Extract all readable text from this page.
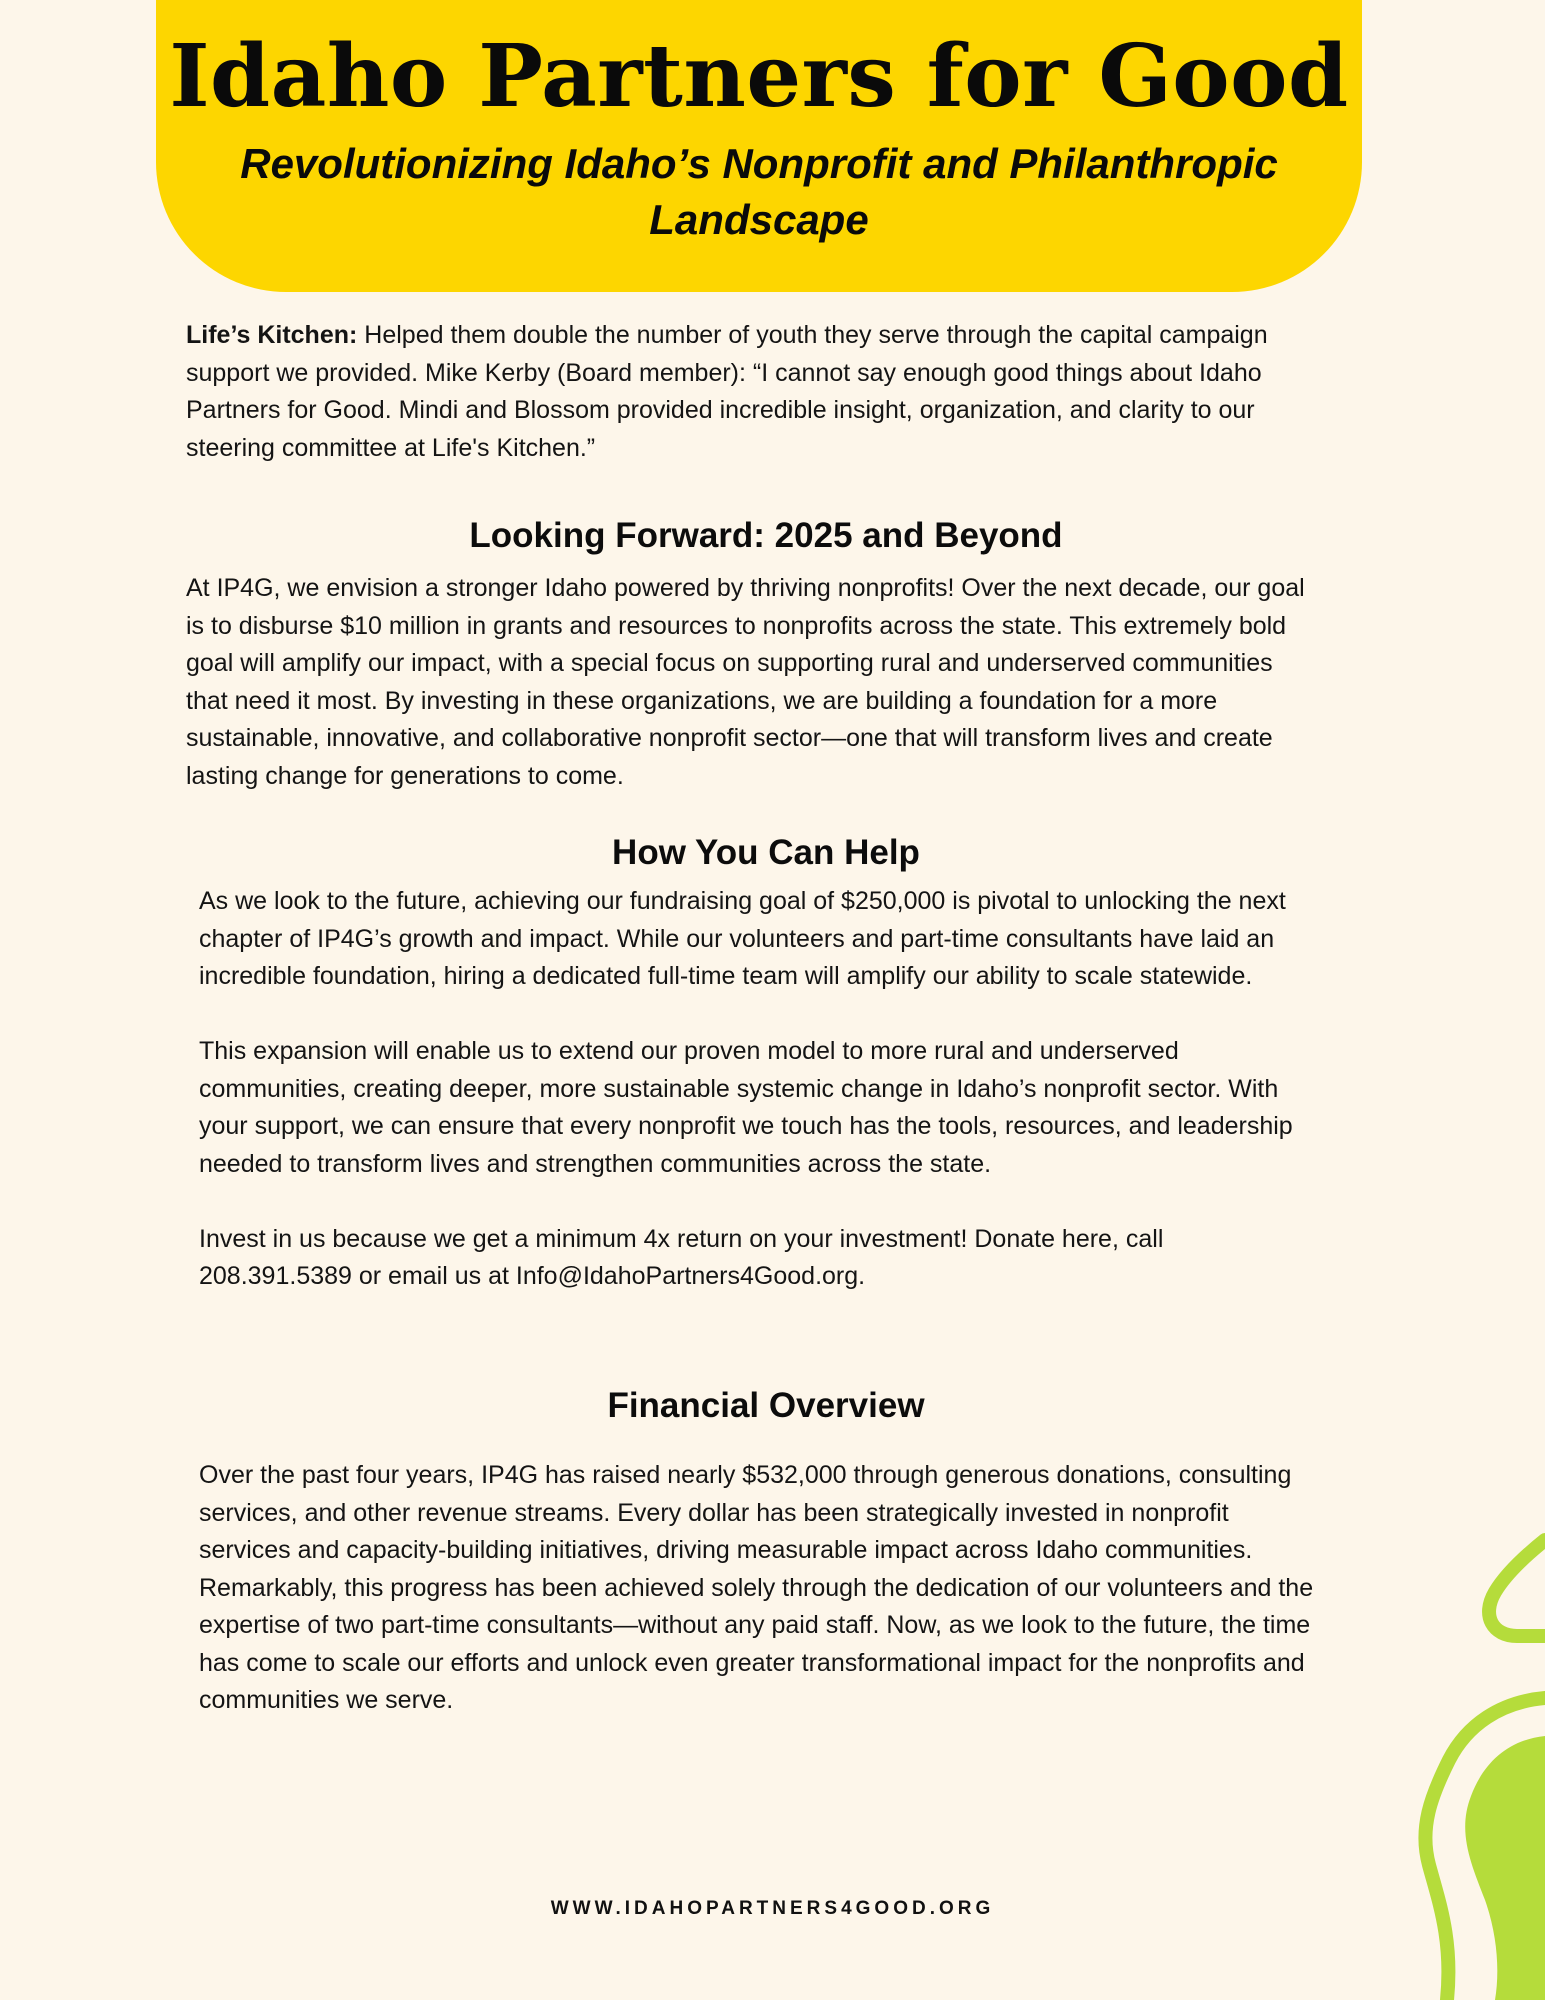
Idaho Partners for Good
Revolutionizing Idaho’s Nonprofit and Philanthropic Landscape

Life’s Kitchen: Helped them double the number of youth they serve through the capital campaign support we provided. Mike Kerby (Board member): “I cannot say enough good things about Idaho Partners for Good. Mindi and Blossom provided incredible insight, organization, and clarity to our steering committee at Life's Kitchen.”

Looking Forward: 2025 and Beyond

At IP4G, we envision a stronger Idaho powered by thriving nonprofits! Over the next decade, our goal is to disburse $10 million in grants and resources to nonprofits across the state. This extremely bold goal will amplify our impact, with a special focus on supporting rural and underserved communities that need it most. By investing in these organizations, we are building a foundation for a more sustainable, innovative, and collaborative nonprofit sector—one that will transform lives and create lasting change for generations to come.

How You Can Help

As we look to the future, achieving our fundraising goal of $250,000 is pivotal to unlocking the next chapter of IP4G’s growth and impact. While our volunteers and part-time consultants have laid an incredible foundation, hiring a dedicated full-time team will amplify our ability to scale statewide.

This expansion will enable us to extend our proven model to more rural and underserved communities, creating deeper, more sustainable systemic change in Idaho’s nonprofit sector. With your support, we can ensure that every nonprofit we touch has the tools, resources, and leadership needed to transform lives and strengthen communities across the state.

Invest in us because we get a minimum 4x return on your investment! Donate here, call 208.391.5389 or email us at Info@IdahoPartners4Good.org.

Financial Overview

Over the past four years, IP4G has raised nearly $532,000 through generous donations, consulting services, and other revenue streams. Every dollar has been strategically invested in nonprofit services and capacity-building initiatives, driving measurable impact across Idaho communities. Remarkably, this progress has been achieved solely through the dedication of our volunteers and the expertise of two part-time consultants—without any paid staff. Now, as we look to the future, the time has come to scale our efforts and unlock even greater transformational impact for the nonprofits and communities we serve.

WWW.IDAHOPARTNERS4GOOD.ORG
